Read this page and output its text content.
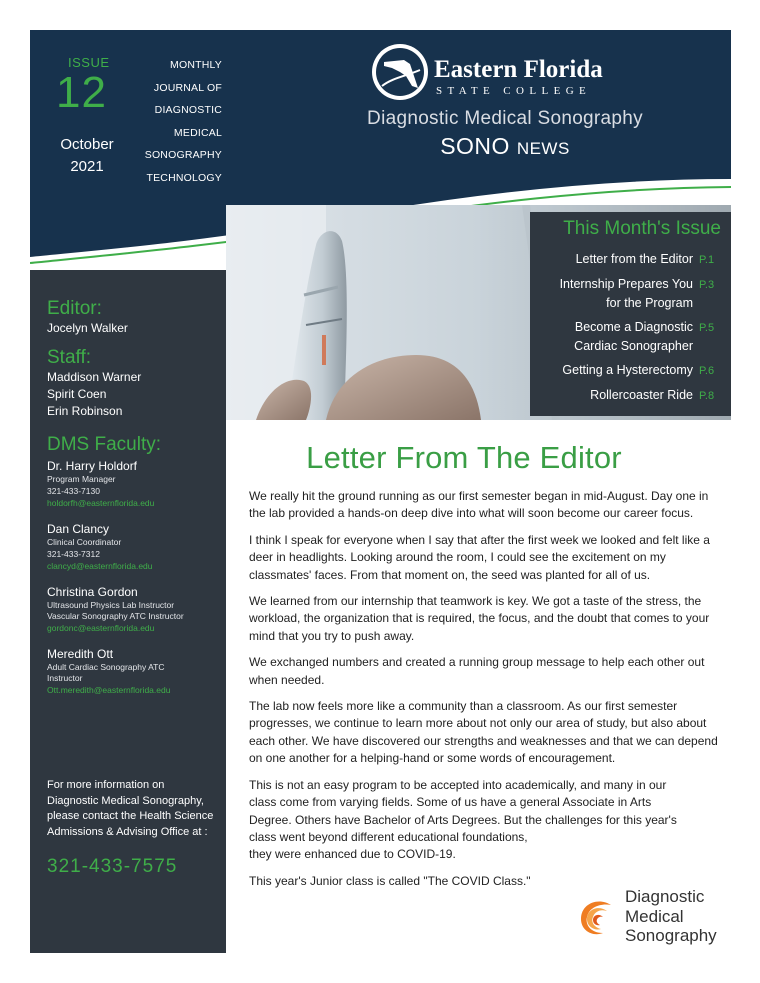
ISSUE
12
October
2021
MONTHLY
JOURNAL OF
DIAGNOSTIC
MEDICAL
SONOGRAPHY
TECHNOLOGY
Eastern Florida
STATE COLLEGE
Diagnostic Medical Sonography
SONO NEWS
This Month's Issue
Letter from the Editor P.1
Internship Prepares You
for the Program
P.3
Become a Diagnostic
Cardiac Sonographer
P.5
Getting a Hysterectomy P.6
Rollercoaster Ride P.8
Editor:
Jocelyn Walker
Staff:
Maddison Warner
Spirit Coen
Erin Robinson
DMS Faculty:
Dr. Harry Holdorf
Program Manager
321-433-7130
holdorfh@easternflorida.edu
Dan Clancy
Clinical Coordinator
321-433-7312
clancyd@easternflorida.edu
Christina Gordon
Ultrasound Physics Lab Instructor
Vascular Sonography ATC Instructor
gordonc@easternflorida.edu
Meredith Ott
Adult Cardiac Sonography ATC
Instructor
Ott.meredith@easternflorida.edu
For more information on Diagnostic Medical Sonography, please contact the Health Science Admissions & Advising Office at :
321-433-7575
Letter From The Editor

We really hit the ground running as our first semester began in mid-August. Day one in the lab provided a hands-on deep dive into what will soon become our career focus.

I think I speak for everyone when I say that after the first week we looked and felt like a deer in headlights. Looking around the room, I could see the excitement on my classmates' faces. From that moment on, the seed was planted for all of us.

We learned from our internship that teamwork is key. We got a taste of the stress, the workload, the organization that is required, the focus, and the doubt that comes to your mind that you try to push away.

We exchanged numbers and created a running group message to help each other out when needed.

The lab now feels more like a community than a classroom. As our first semester progresses, we continue to learn more about not only our area of study, but also about each other. We have discovered our strengths and weaknesses and that we can depend on one another for a helping-hand or some words of encouragement.

This is not an easy program to be accepted into academically, and many in our
class come from varying fields. Some of us have a general Associate in Arts
Degree. Others have Bachelor of Arts Degrees. But the challenges for this year's
class went beyond different educational foundations,
they were enhanced due to COVID-19.

This year's Junior class is called "The COVID Class."

Diagnostic
Medical
Sonography
